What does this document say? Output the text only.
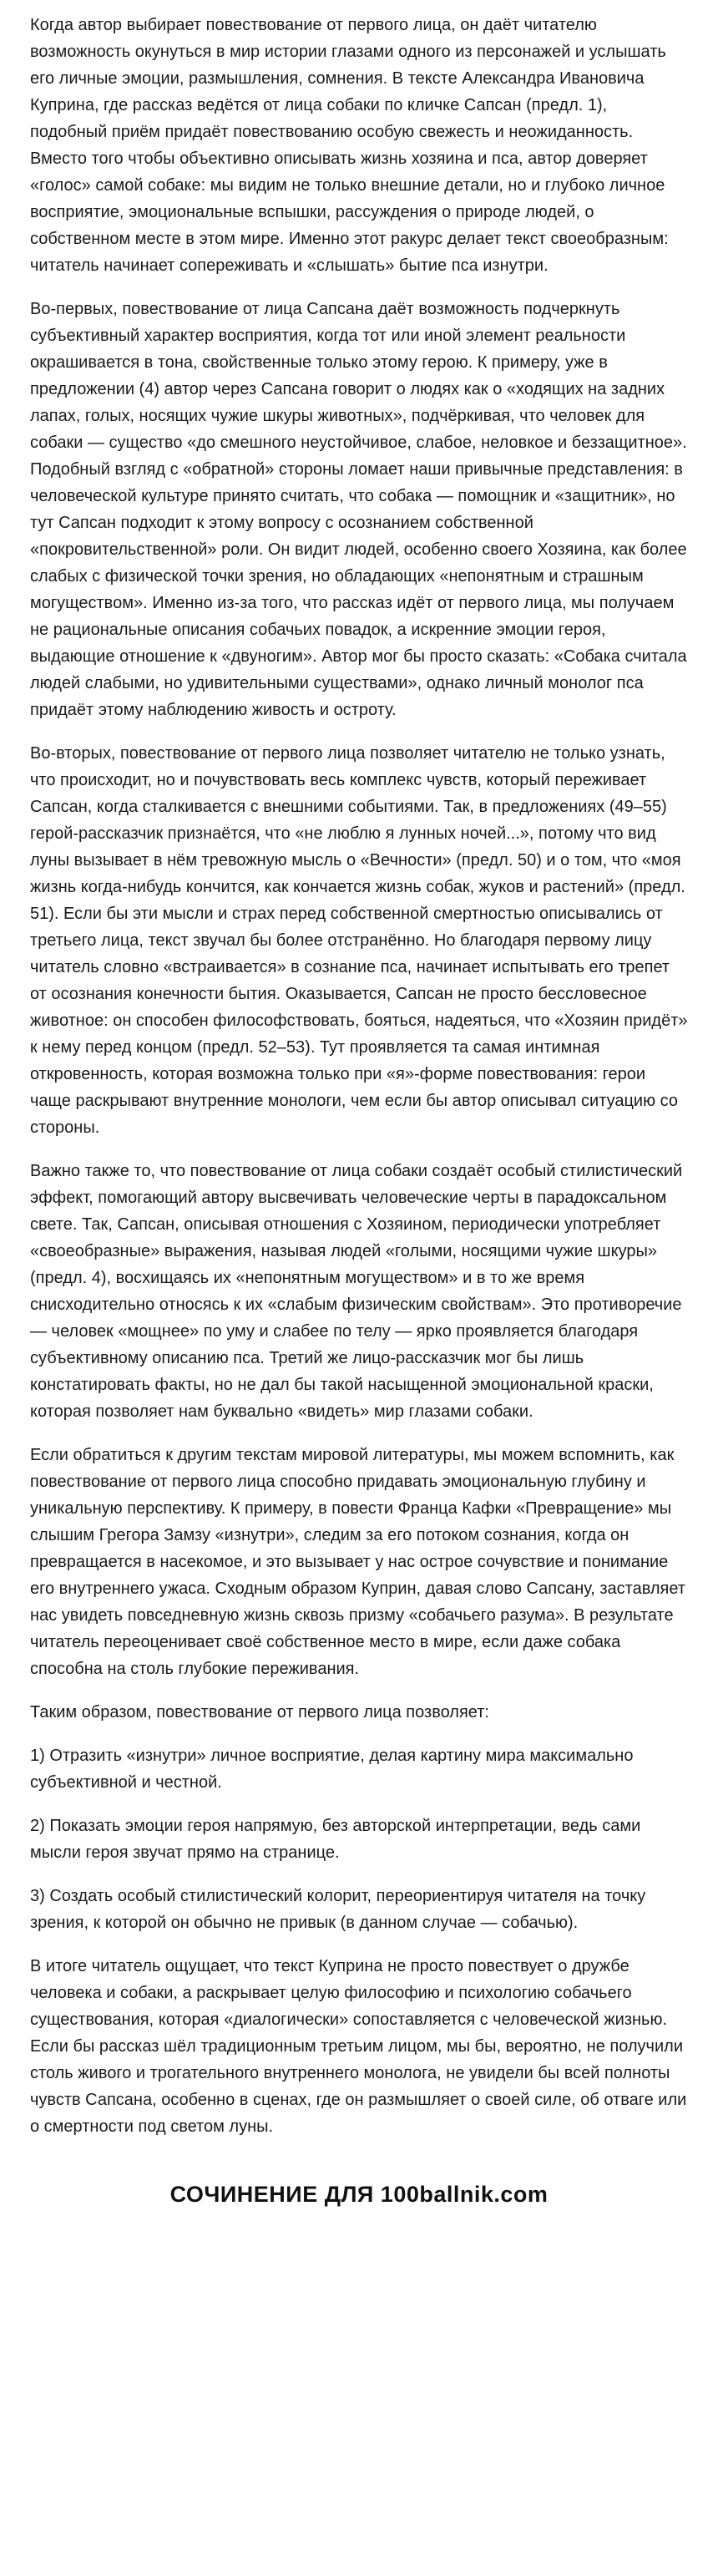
Когда автор выбирает повествование от первого лица, он даёт читателю возможность окунуться в мир истории глазами одного из персонажей и услышать его личные эмоции, размышления, сомнения. В тексте Александра Ивановича Куприна, где рассказ ведётся от лица собаки по кличке Сапсан (предл. 1), подобный приём придаёт повествованию особую свежесть и неожиданность. Вместо того чтобы объективно описывать жизнь хозяина и пса, автор доверяет «голос» самой собаке: мы видим не только внешние детали, но и глубоко личное восприятие, эмоциональные вспышки, рассуждения о природе людей, о собственном месте в этом мире. Именно этот ракурс делает текст своеобразным: читатель начинает сопереживать и «слышать» бытие пса изнутри.

Во-первых, повествование от лица Сапсана даёт возможность подчеркнуть субъективный характер восприятия, когда тот или иной элемент реальности окрашивается в тона, свойственные только этому герою. К примеру, уже в предложении (4) автор через Сапсана говорит о людях как о «ходящих на задних лапах, голых, носящих чужие шкуры животных», подчёркивая, что человек для собаки — существо «до смешного неустойчивое, слабое, неловкое и беззащитное». Подобный взгляд с «обратной» стороны ломает наши привычные представления: в человеческой культуре принято считать, что собака — помощник и «защитник», но тут Сапсан подходит к этому вопросу с осознанием собственной «покровительственной» роли. Он видит людей, особенно своего Хозяина, как более слабых с физической точки зрения, но обладающих «непонятным и страшным могуществом». Именно из-за того, что рассказ идёт от первого лица, мы получаем не рациональные описания собачьих повадок, а искренние эмоции героя, выдающие отношение к «двуногим». Автор мог бы просто сказать: «Собака считала людей слабыми, но удивительными существами», однако личный монолог пса придаёт этому наблюдению живость и остроту.

Во-вторых, повествование от первого лица позволяет читателю не только узнать, что происходит, но и почувствовать весь комплекс чувств, который переживает Сапсан, когда сталкивается с внешними событиями. Так, в предложениях (49–55) герой-рассказчик признаётся, что «не люблю я лунных ночей...», потому что вид луны вызывает в нём тревожную мысль о «Вечности» (предл. 50) и о том, что «моя жизнь когда-нибудь кончится, как кончается жизнь собак, жуков и растений» (предл. 51). Если бы эти мысли и страх перед собственной смертностью описывались от третьего лица, текст звучал бы более отстранённо. Но благодаря первому лицу читатель словно «встраивается» в сознание пса, начинает испытывать его трепет от осознания конечности бытия. Оказывается, Сапсан не просто бессловесное животное: он способен философствовать, бояться, надеяться, что «Хозяин придёт» к нему перед концом (предл. 52–53). Тут проявляется та самая интимная откровенность, которая возможна только при «я»-форме повествования: герои чаще раскрывают внутренние монологи, чем если бы автор описывал ситуацию со стороны.

Важно также то, что повествование от лица собаки создаёт особый стилистический эффект, помогающий автору высвечивать человеческие черты в парадоксальном свете. Так, Сапсан, описывая отношения с Хозяином, периодически употребляет «своеобразные» выражения, называя людей «голыми, носящими чужие шкуры» (предл. 4), восхищаясь их «непонятным могуществом» и в то же время снисходительно относясь к их «слабым физическим свойствам». Это противоречие — человек «мощнее» по уму и слабее по телу — ярко проявляется благодаря субъективному описанию пса. Третий же лицо-рассказчик мог бы лишь констатировать факты, но не дал бы такой насыщенной эмоциональной краски, которая позволяет нам буквально «видеть» мир глазами собаки.

Если обратиться к другим текстам мировой литературы, мы можем вспомнить, как повествование от первого лица способно придавать эмоциональную глубину и уникальную перспективу. К примеру, в повести Франца Кафки «Превращение» мы слышим Грегора Замзу «изнутри», следим за его потоком сознания, когда он превращается в насекомое, и это вызывает у нас острое сочувствие и понимание его внутреннего ужаса. Сходным образом Куприн, давая слово Сапсану, заставляет нас увидеть повседневную жизнь сквозь призму «собачьего разума». В результате читатель переоценивает своё собственное место в мире, если даже собака способна на столь глубокие переживания.

Таким образом, повествование от первого лица позволяет:

1) Отразить «изнутри» личное восприятие, делая картину мира максимально субъективной и честной.

2) Показать эмоции героя напрямую, без авторской интерпретации, ведь сами мысли героя звучат прямо на странице.

3) Создать особый стилистический колорит, переориентируя читателя на точку зрения, к которой он обычно не привык (в данном случае — собачью).

В итоге читатель ощущает, что текст Куприна не просто повествует о дружбе человека и собаки, а раскрывает целую философию и психологию собачьего существования, которая «диалогически» сопоставляется с человеческой жизнью. Если бы рассказ шёл традиционным третьим лицом, мы бы, вероятно, не получили столь живого и трогательного внутреннего монолога, не увидели бы всей полноты чувств Сапсана, особенно в сценах, где он размышляет о своей силе, об отваге или о смертности под светом луны.

СОЧИНЕНИЕ ДЛЯ 100ballnik.com
